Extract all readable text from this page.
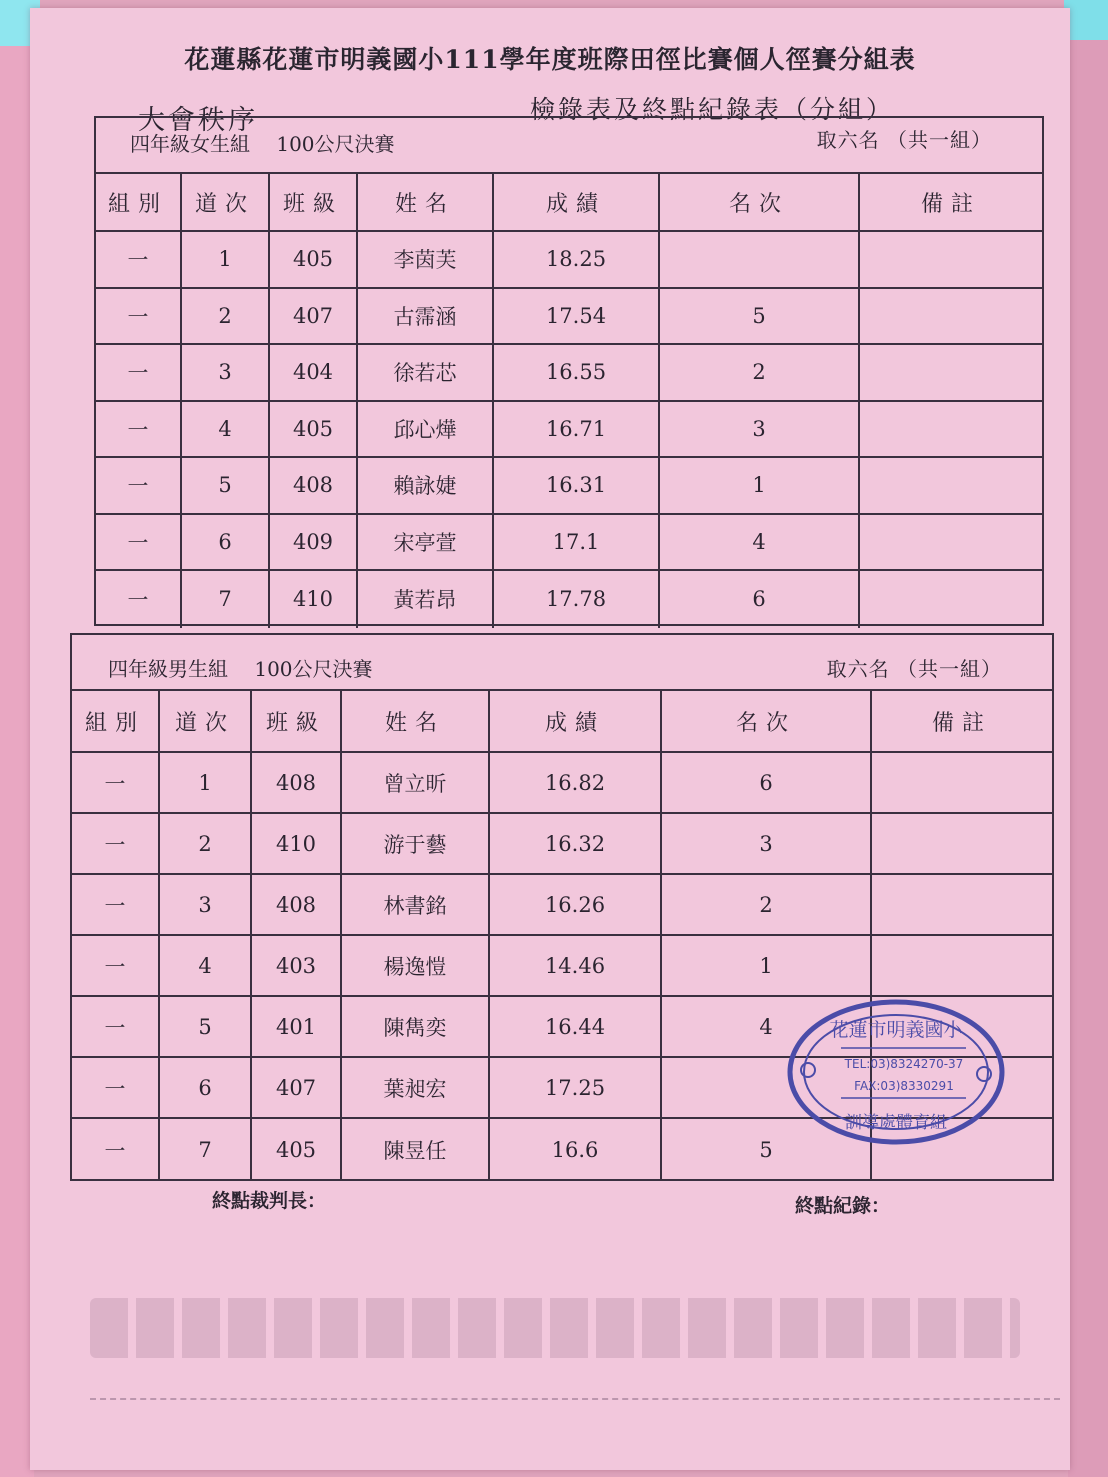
花蓮縣花蓮市明義國小111學年度班際田徑比賽個人徑賽分組表
大會秩序	檢錄表及終點紀錄表（分組）
四年級女生組　 100公尺決賽	取六名 （共一組）
組別	道次	班級	姓名	成績	名次	備註
一	1	405	李茵芙	18.25
一	2	407	古霈涵	17.54	5
一	3	404	徐若芯	16.55	2
一	4	405	邱心燁	16.71	3
一	5	408	賴詠婕	16.31	1
一	6	409	宋亭萱	17.1	4
一	7	410	黃若昂	17.78	6
四年級男生組　 100公尺決賽	取六名 （共一組）
組別	道次	班級	姓名	成績	名次	備註
一	1	408	曾立昕	16.82	6
一	2	410	游于藝	16.32	3
一	3	408	林書銘	16.26	2
一	4	403	楊逸愷	14.46	1
一	5	401	陳雋奕	16.44	4
一	6	407	葉昶宏	17.25
一	7	405	陳昱任	16.6	5
終點裁判長：	終點紀錄：
花蓮市明義國小
TEL:03)8324270-37
FAX:03)8330291
訓導處體育組
